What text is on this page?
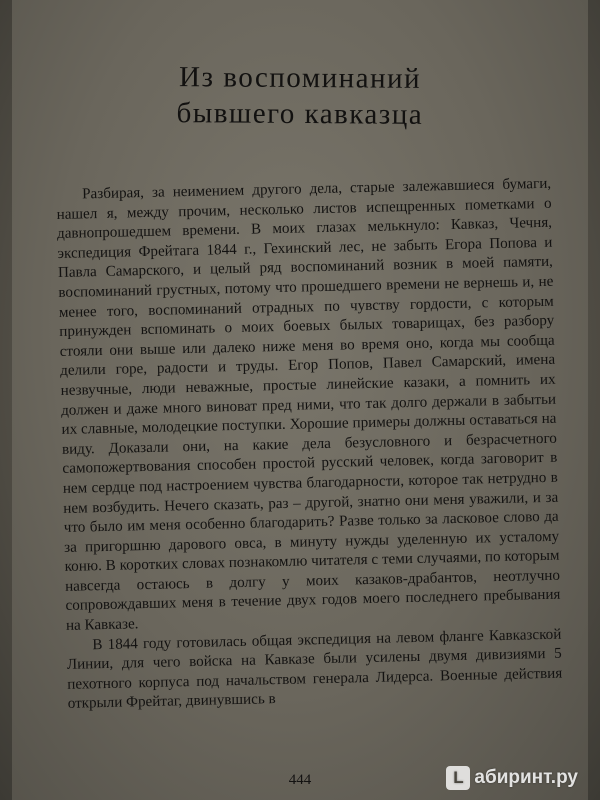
Из воспоминаний
бывшего кавказца

Разбирая, за неимением другого дела, старые залежавшиеся бумаги, нашел я, между прочим, несколько листов испещренных пометками о давнопрошедшем времени. В моих глазах мелькнуло: Кавказ, Чечня, экспедиция Фрейтага 1844 г., Гехинский лес, не забыть Егора Попова и Павла Самарского, и целый ряд воспоминаний возник в моей памяти, воспоминаний грустных, потому что прошедшего времени не вернешь и, не менее того, воспоминаний отрадных по чувству гордости, с которым принужден вспоминать о моих боевых былых товарищах, без разбору стояли они выше или далеко ниже меня во время оно, когда мы сообща делили горе, радости и труды. Егор Попов, Павел Самарский, имена незвучные, люди неважные, простые линейские казаки, а помнить их должен и даже много виноват пред ними, что так долго держали в забытьи их славные, молодецкие поступки. Хорошие примеры должны оставаться на виду. Доказали они, на какие дела безусловного и безрасчетного самопожертвования способен простой русский человек, когда заговорит в нем сердце под настроением чувства благодарности, которое так нетрудно в нем возбудить. Нечего сказать, раз – другой, знатно они меня уважили, и за что было им меня особенно благодарить? Разве только за ласковое слово да за пригоршню дарового овса, в минуту нужды уделенную их усталому коню. В коротких словах познакомлю читателя с теми случаями, по которым навсегда остаюсь в долгу у моих казаков-драбантов, неотлучно сопровождавших меня в течение двух годов моего последнего пребывания на Кавказе.

В 1844 году готовилась общая экспедиция на левом фланге Кавказской Линии, для чего войска на Кавказе были усилены двумя дивизиями 5 пехотного корпуса под начальством генерала Лидерса. Военные действия открыли Фрейтаг, двинувшись в

444	L абиринт.ру
